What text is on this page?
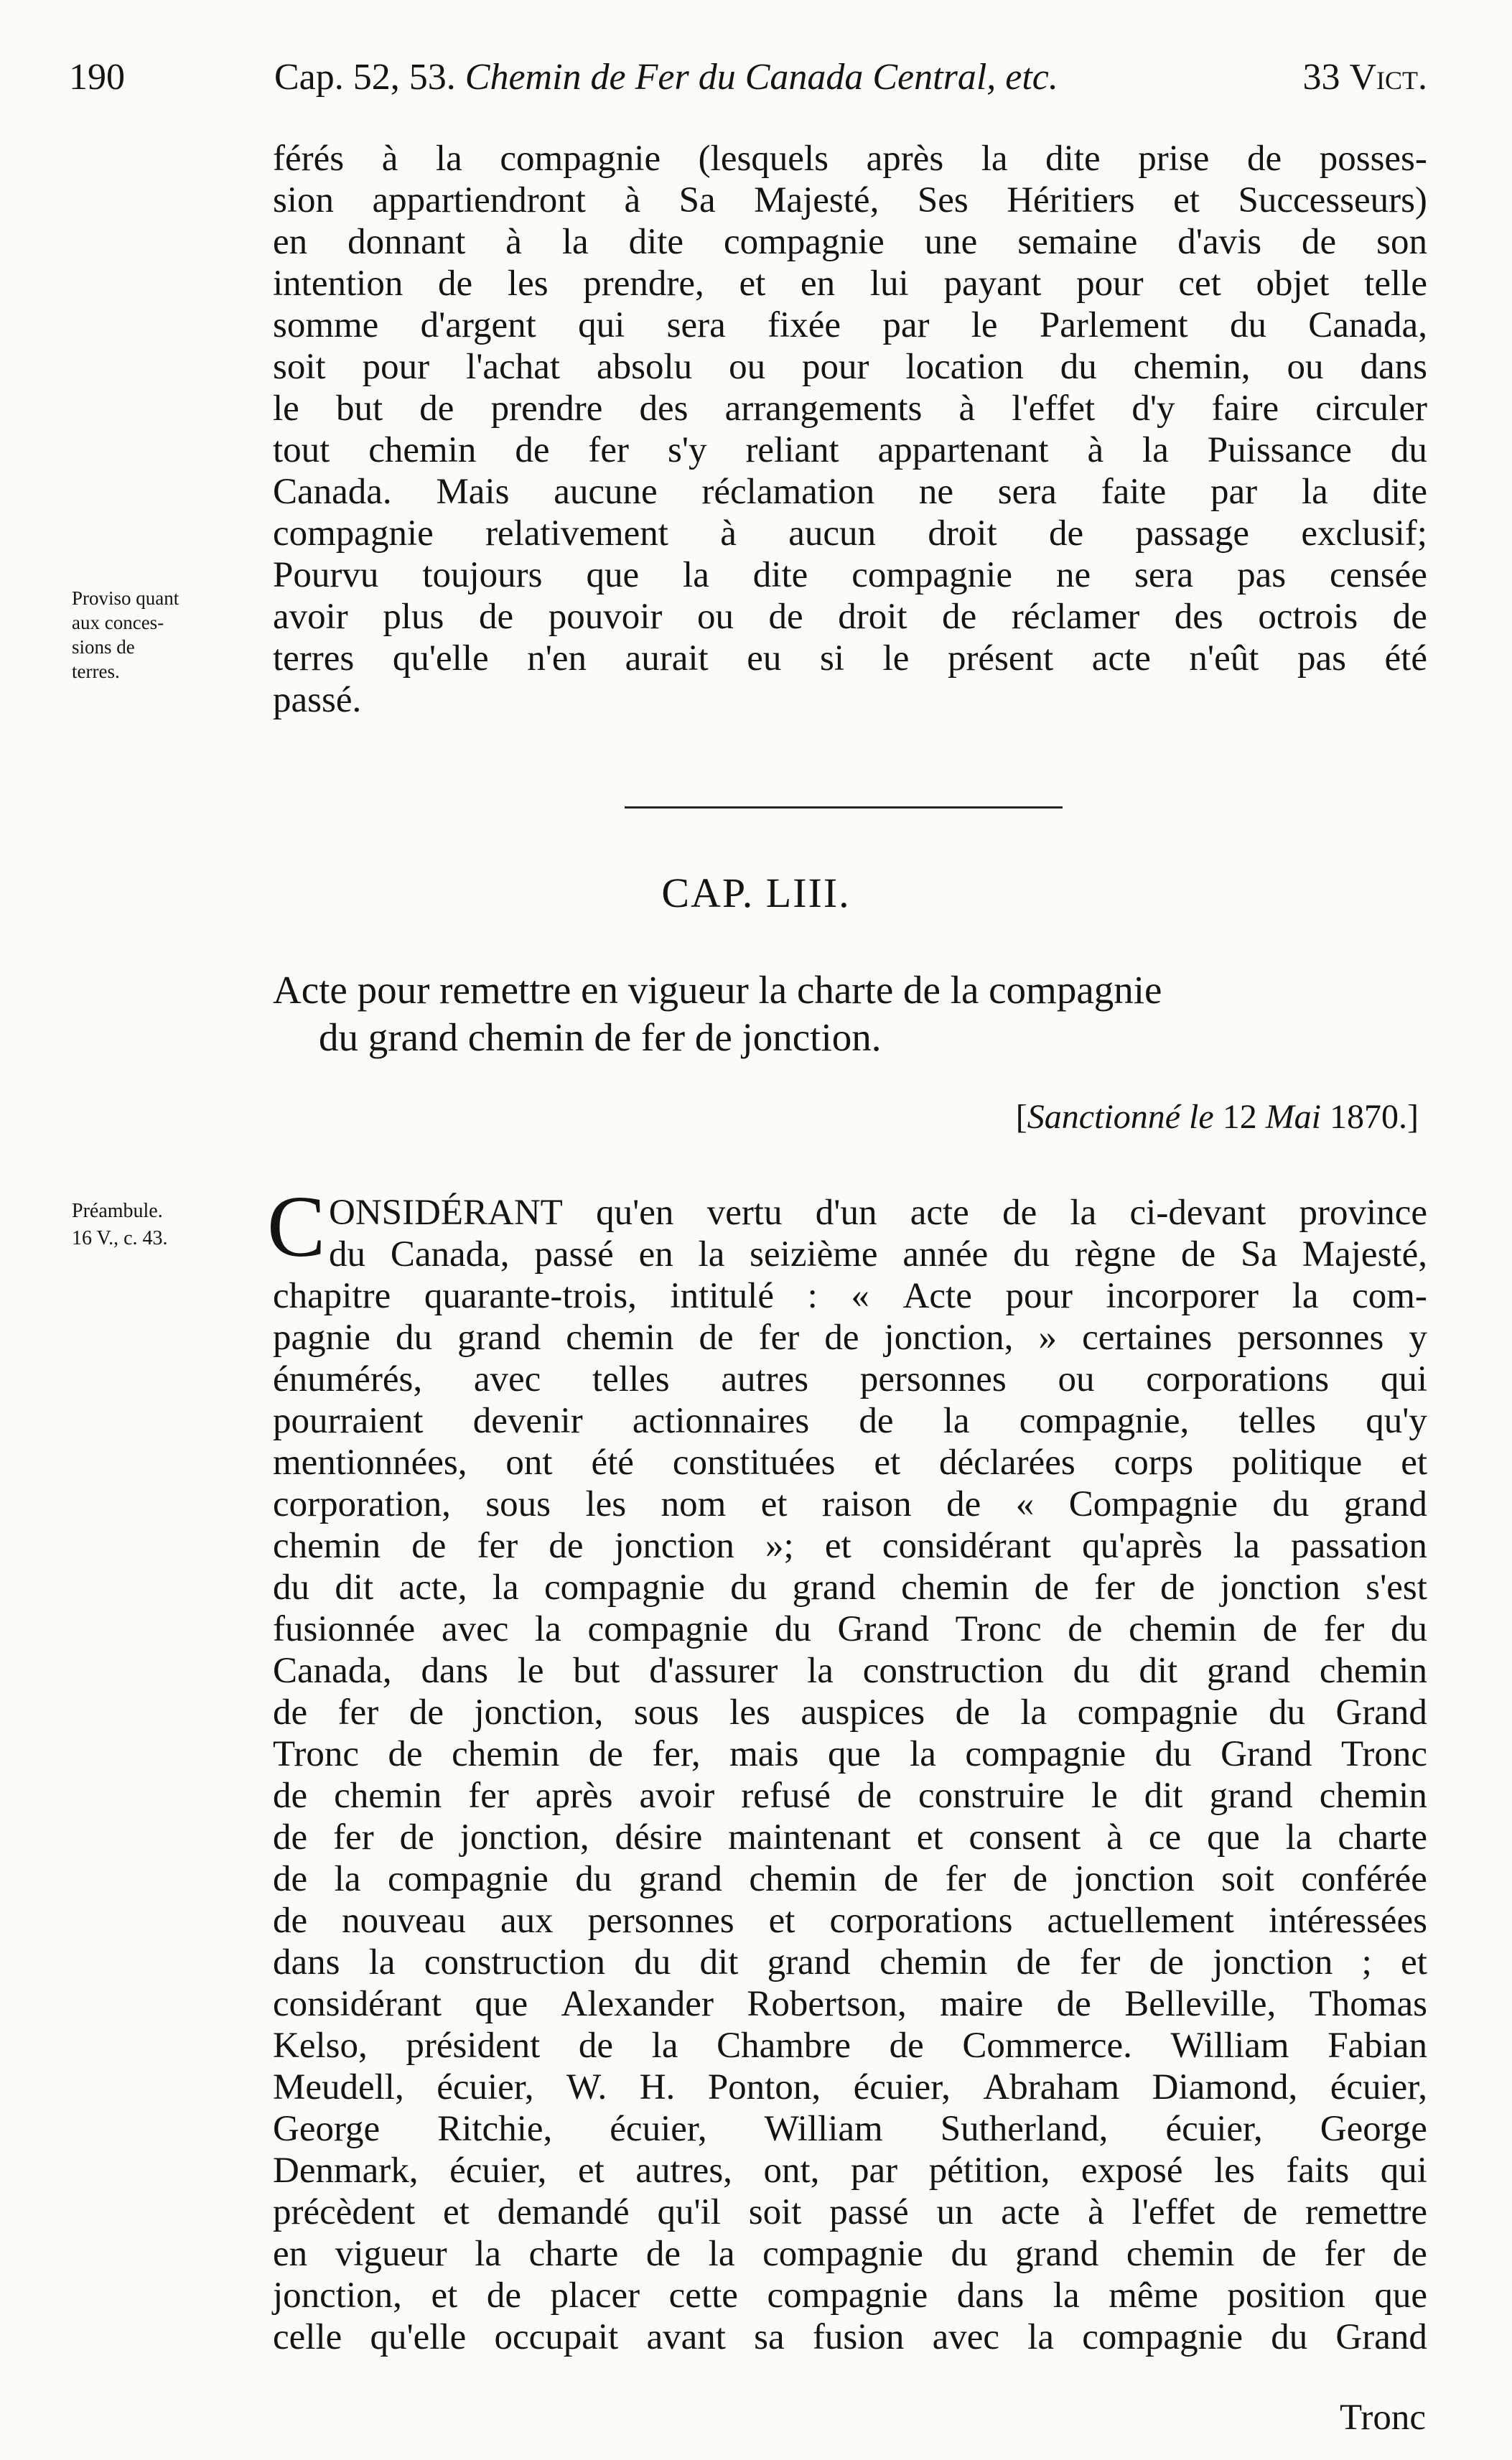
190	Cap. 52, 53. Chemin de Fer du Canada Central, etc.	33 Vict.
férés à la compagnie (lesquels après la dite prise de posses-
sion appartiendront à Sa Majesté, Ses Héritiers et Successeurs)
en donnant à la dite compagnie une semaine d'avis de son
intention de les prendre, et en lui payant pour cet objet telle
somme d'argent qui sera fixée par le Parlement du Canada,
soit pour l'achat absolu ou pour location du chemin, ou dans
le but de prendre des arrangements à l'effet d'y faire circuler
tout chemin de fer s'y reliant appartenant à la Puissance du
Canada. Mais aucune réclamation ne sera faite par la dite
compagnie relativement à aucun droit de passage exclusif;
Pourvu toujours que la dite compagnie ne sera pas censée
avoir plus de pouvoir ou de droit de réclamer des octrois de
terres qu'elle n'en aurait eu si le présent acte n'eût pas été
passé.
Proviso quant
aux conces-
sions de
terres.
CAP. LIII.
Acte pour remettre en vigueur la charte de la compagnie
du grand chemin de fer de jonction.
[Sanctionné le 12 Mai 1870.]
Préambule.
16 V., c. 43. C ONSIDÉRANT qu'en vertu d'un acte de la ci-devant province
du Canada, passé en la seizième année du règne de Sa Majesté,
chapitre quarante-trois, intitulé : « Acte pour incorporer la com-
pagnie du grand chemin de fer de jonction, » certaines personnes y
énumérés, avec telles autres personnes ou corporations qui
pourraient devenir actionnaires de la compagnie, telles qu'y
mentionnées, ont été constituées et déclarées corps politique et
corporation, sous les nom et raison de « Compagnie du grand
chemin de fer de jonction »; et considérant qu'après la passation
du dit acte, la compagnie du grand chemin de fer de jonction s'est
fusionnée avec la compagnie du Grand Tronc de chemin de fer du
Canada, dans le but d'assurer la construction du dit grand chemin
de fer de jonction, sous les auspices de la compagnie du Grand
Tronc de chemin de fer, mais que la compagnie du Grand Tronc
de chemin fer après avoir refusé de construire le dit grand chemin
de fer de jonction, désire maintenant et consent à ce que la charte
de la compagnie du grand chemin de fer de jonction soit conférée
de nouveau aux personnes et corporations actuellement intéressées
dans la construction du dit grand chemin de fer de jonction ; et
considérant que Alexander Robertson, maire de Belleville, Thomas
Kelso, président de la Chambre de Commerce. William Fabian
Meudell, écuier, W. H. Ponton, écuier, Abraham Diamond, écuier,
George Ritchie, écuier, William Sutherland, écuier, George
Denmark, écuier, et autres, ont, par pétition, exposé les faits qui
précèdent et demandé qu'il soit passé un acte à l'effet de remettre
en vigueur la charte de la compagnie du grand chemin de fer de
jonction, et de placer cette compagnie dans la même position que
celle qu'elle occupait avant sa fusion avec la compagnie du Grand
Tronc
